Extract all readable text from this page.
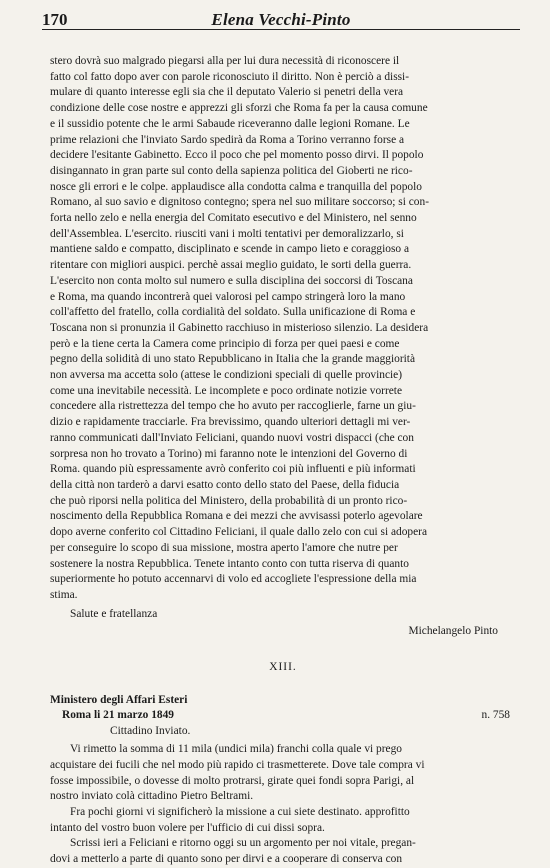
170	Elena Vecchi-Pinto

stero dovrà suo malgrado piegarsi alla per lui dura necessità di riconoscere il

fatto col fatto dopo aver con parole riconosciuto il diritto. Non è perciò a dissi-

mulare di quanto interesse egli sia che il deputato Valerio si penetri della vera

condizione delle cose nostre e apprezzi gli sforzi che Roma fa per la causa comune

e il sussidio potente che le armi Sabaude riceveranno dalle legioni Romane. Le

prime relazioni che l'inviato Sardo spedirà da Roma a Torino verranno forse a

decidere l'esitante Gabinetto. Ecco il poco che pel momento posso dirvi. Il popolo

disingannato in gran parte sul conto della sapienza politica del Gioberti ne rico-

nosce gli errori e le colpe. applaudisce alla condotta calma e tranquilla del popolo

Romano, al suo savio e dignitoso contegno; spera nel suo militare soccorso; si con-

forta nello zelo e nella energia del Comitato esecutivo e del Ministero, nel senno

dell'Assemblea. L'esercito. riusciti vani i molti tentativi per demoralizzarlo, si

mantiene saldo e compatto, disciplinato e scende in campo lieto e coraggioso a

ritentare con migliori auspici. perchè assai meglio guidato, le sorti della guerra.

L'esercito non conta molto sul numero e sulla disciplina dei soccorsi di Toscana

e Roma, ma quando incontrerà quei valorosi pel campo stringerà loro la mano

coll'affetto del fratello, colla cordialità del soldato. Sulla unificazione di Roma e

Toscana non si pronunzia il Gabinetto racchiuso in misterioso silenzio. La desidera

però e la tiene certa la Camera come principio di forza per quei paesi e come

pegno della solidità di uno stato Repubblicano in Italia che la grande maggiorità

non avversa ma accetta solo (attese le condizioni speciali di quelle provincie)

come una inevitabile necessità. Le incomplete e poco ordinate notizie vorrete

concedere alla ristrettezza del tempo che ho avuto per raccoglierle, farne un giu-

dizio e rapidamente tracciarle. Fra brevissimo, quando ulteriori dettagli mi ver-

ranno communicati dall'Inviato Feliciani, quando nuovi vostri dispacci (che con

sorpresa non ho trovato a Torino) mi faranno note le intenzioni del Governo di

Roma. quando più espressamente avrò conferito coi più influenti e più informati

della città non tarderò a darvi esatto conto dello stato del Paese, della fiducia

che può riporsi nella politica del Ministero, della probabilità di un pronto rico-

noscimento della Repubblica Romana e dei mezzi che avvisassi poterlo agevolare

dopo averne conferito col Cittadino Feliciani, il quale dallo zelo con cui si adopera

per conseguire lo scopo di sua missione, mostra aperto l'amore che nutre per

sostenere la nostra Repubblica. Tenete intanto conto con tutta riserva di quanto

superiormente ho potuto accennarvi di volo ed accogliete l'espressione della mia

stima.

Salute e fratellanza

Michelangelo Pinto

XIII.

Ministero degli Affari Esteri

Roma li 21 marzo 1849	n. 758

Cittadino Inviato.

Vi rimetto la somma di 11 mila (undici mila) franchi colla quale vi prego

acquistare dei fucili che nel modo più rapido ci trasmetterete. Dove tale compra vi

fosse impossibile, o dovesse di molto protrarsi, girate quei fondi sopra Parigi, al

nostro inviato colà cittadino Pietro Beltrami.

Fra pochi giorni vi significherò la missione a cui siete destinato. approfitto

intanto del vostro buon volere per l'ufficio di cui dissi sopra.

Scrissi ieri a Feliciani e ritorno oggi su un argomento per noi vitale, pregan-

dovi a metterlo a parte di quanto sono per dirvi e a cooperare di conserva con
